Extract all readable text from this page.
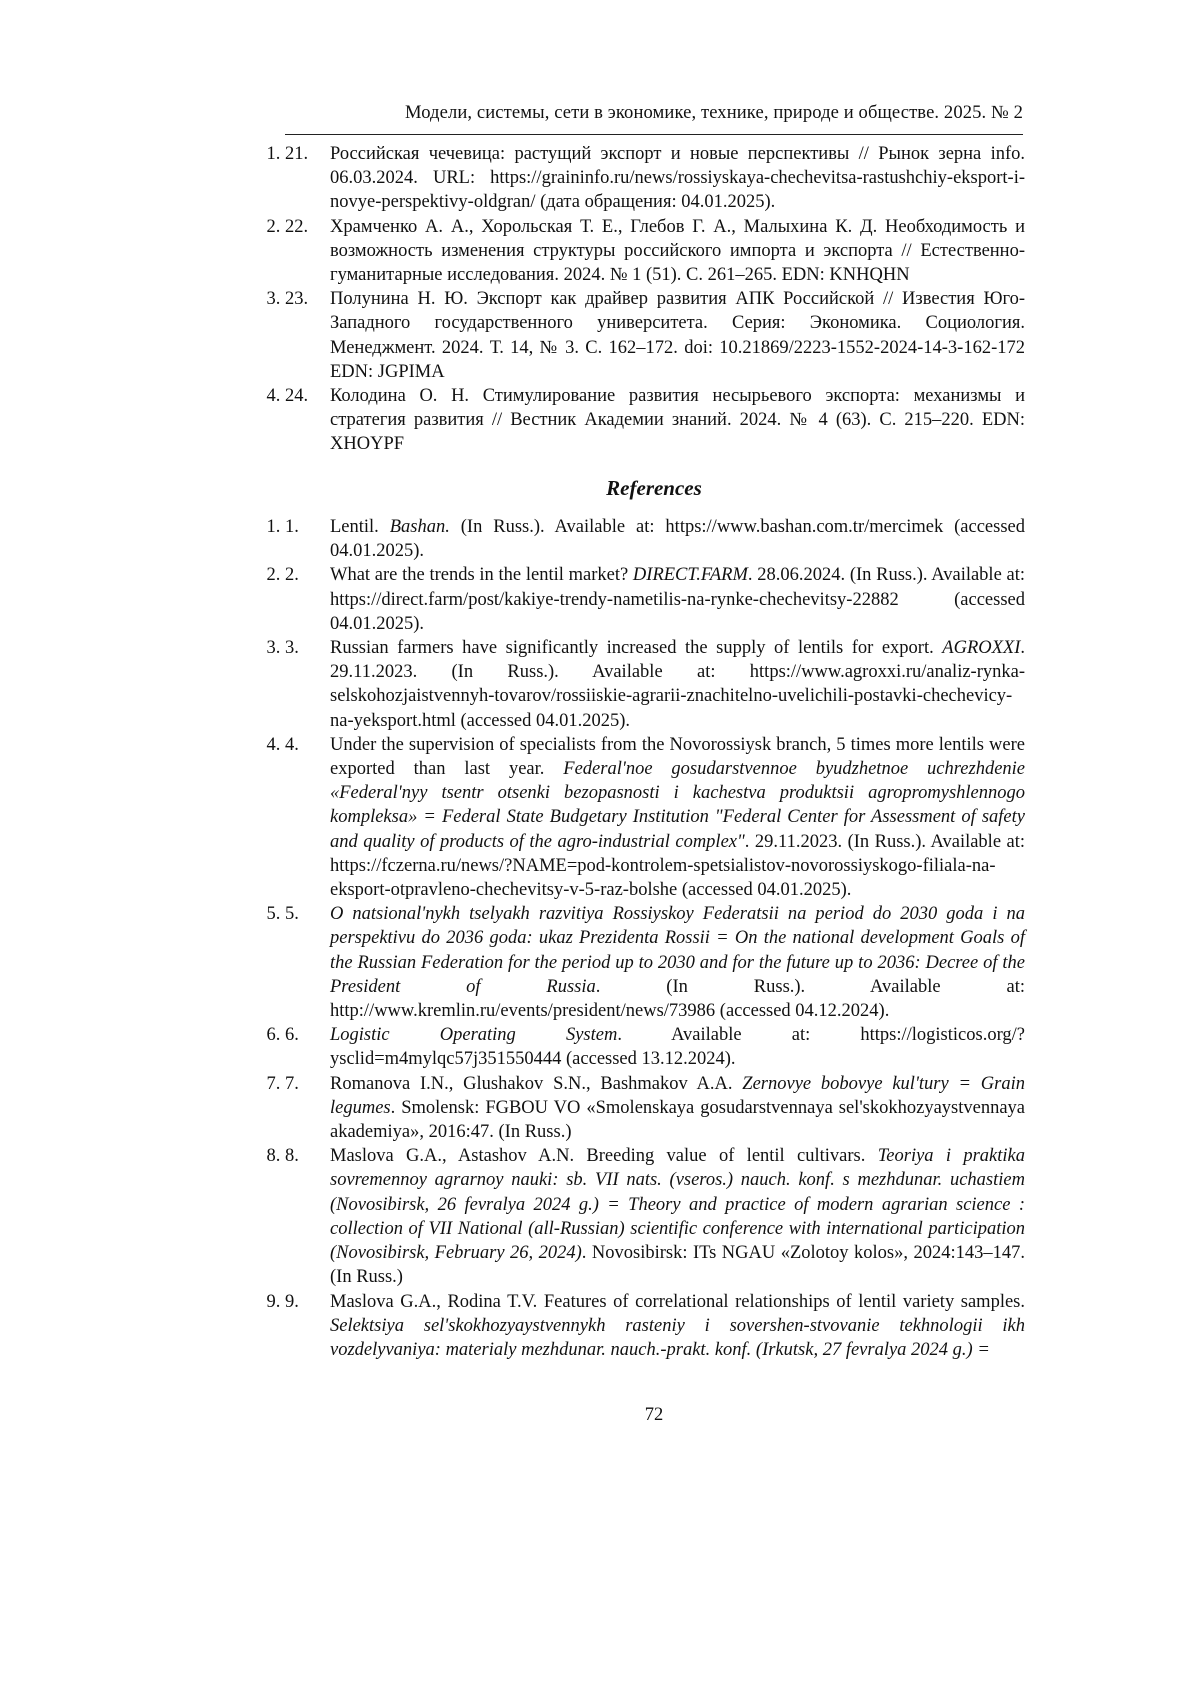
Модели, системы, сети в экономике, технике, природе и обществе. 2025. № 2
1. 21. Российская чечевица: растущий экспорт и новые перспективы // Рынок зерна info. 06.03.2024. URL: https://graininfo.ru/news/rossiyskaya-chechevitsa-rastushchiy-eksport-i-novye-perspektivy-oldgran/ (дата обращения: 04.01.2025).
2. 22. Храмченко А. А., Хорольская Т. Е., Глебов Г. А., Малыхина К. Д. Необходимость и возможность изменения структуры российского импорта и экспорта // Естественно-гуманитарные исследования. 2024. № 1 (51). С. 261–265. EDN: KNHQHN
3. 23. Полунина Н. Ю. Экспорт как драйвер развития АПК Российской // Известия Юго-Западного государственного университета. Серия: Экономика. Социология. Менеджмент. 2024. Т. 14, № 3. С. 162–172. doi: 10.21869/2223-1552-2024-14-3-162-172 EDN: JGPIMA
4. 24. Колодина О. Н. Стимулирование развития несырьевого экспорта: механизмы и стратегия развития // Вестник Академии знаний. 2024. № 4 (63). С. 215–220. EDN: XHOYPF
References
1. 1. Lentil. Bashan. (In Russ.). Available at: https://www.bashan.com.tr/mercimek (accessed 04.01.2025).
2. 2. What are the trends in the lentil market? DIRECT.FARM. 28.06.2024. (In Russ.). Available at: https://direct.farm/post/kakiye-trendy-nametilis-na-rynke-chechevitsy-22882 (accessed 04.01.2025).
3. 3. Russian farmers have significantly increased the supply of lentils for export. AGROXXI. 29.11.2023. (In Russ.). Available at: https://www.agroxxi.ru/analiz-rynka-selskohozjaistvennyh-tovarov/rossiiskie-agrarii-znachitelno-uvelichili-postavki-chechevicy-na-yeksport.html (accessed 04.01.2025).
4. 4. Under the supervision of specialists from the Novorossiysk branch, 5 times more lentils were exported than last year. Federal'noe gosudarstvennoe byudzhetnoe uchrezhdenie «Federal'nyy tsentr otsenki bezopasnosti i kachestva produktsii agropromyshlennogo kompleksa» = Federal State Budgetary Institution "Federal Center for Assessment of safety and quality of products of the agro-industrial complex". 29.11.2023. (In Russ.). Available at: https://fczerna.ru/news/?NAME=pod-kontrolem-spetsialistov-novorossiyskogo-filiala-na-eksport-otpravleno-chechevitsy-v-5-raz-bolshe (accessed 04.01.2025).
5. 5. O natsional'nykh tselyakh razvitiya Rossiyskoy Federatsii na period do 2030 goda i na perspektivu do 2036 goda: ukaz Prezidenta Rossii = On the national development Goals of the Russian Federation for the period up to 2030 and for the future up to 2036: Decree of the President of Russia. (In Russ.). Available at: http://www.kremlin.ru/events/president/news/73986 (accessed 04.12.2024).
6. 6. Logistic Operating System. Available at: https://logisticos.org/?ysclid=m4mylqc57j351550444 (accessed 13.12.2024).
7. 7. Romanova I.N., Glushakov S.N., Bashmakov A.A. Zernovye bobovye kul'tury = Grain legumes. Smolensk: FGBOU VO «Smolenskaya gosudarstvennaya sel'skokhozyaystvennaya akademiya», 2016:47. (In Russ.)
8. 8. Maslova G.A., Astashov A.N. Breeding value of lentil cultivars. Teoriya i praktika sovremennoy agrarnoy nauki: sb. VII nats. (vseros.) nauch. konf. s mezhdunar. uchastiem (Novosibirsk, 26 fevralya 2024 g.) = Theory and practice of modern agrarian science : collection of VII National (all-Russian) scientific conference with international participation (Novosibirsk, February 26, 2024). Novosibirsk: ITs NGAU «Zolotoy kolos», 2024:143–147. (In Russ.)
9. 9. Maslova G.A., Rodina T.V. Features of correlational relationships of lentil variety samples. Selektsiya sel'skokhozyaystvennykh rasteniy i sovershen-stvovanie tekhnologii ikh vozdelyvaniya: materialy mezhdunar. nauch.-prakt. konf. (Irkutsk, 27 fevralya 2024 g.) =
72
